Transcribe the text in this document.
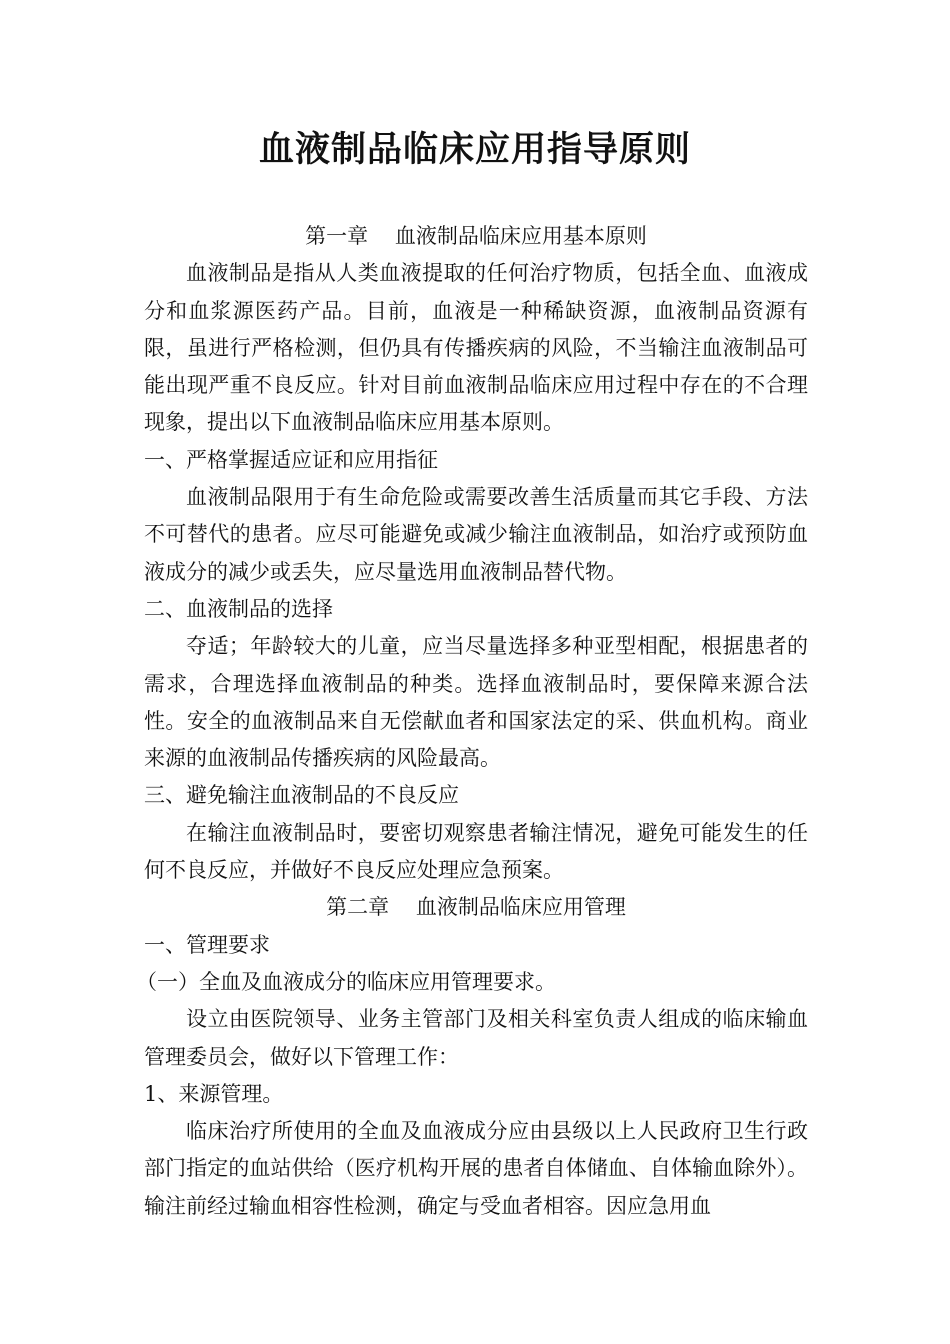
血液制品临床应用指导原则
第一章    血液制品临床应用基本原则

血液制品是指从人类血液提取的任何治疗物质，包括全血、血液成分和血浆源医药产品。目前，血液是一种稀缺资源，血液制品资源有限，虽进行严格检测，但仍具有传播疾病的风险，不当输注血液制品可能出现严重不良反应。针对目前血液制品临床应用过程中存在的不合理现象，提出以下血液制品临床应用基本原则。

一、严格掌握适应证和应用指征

血液制品限用于有生命危险或需要改善生活质量而其它手段、方法不可替代的患者。应尽可能避免或减少输注血液制品，如治疗或预防血液成分的减少或丢失，应尽量选用血液制品替代物。

二、血液制品的选择

夺适；年龄较大的儿童，应当尽量选择多种亚型相配，根据患者的需求，合理选择血液制品的种类。选择血液制品时，要保障来源合法性。安全的血液制品来自无偿献血者和国家法定的采、供血机构。商业来源的血液制品传播疾病的风险最高。

三、避免输注血液制品的不良反应

在输注血液制品时，要密切观察患者输注情况，避免可能发生的任何不良反应，并做好不良反应处理应急预案。

第二章    血液制品临床应用管理

一、管理要求

（一）全血及血液成分的临床应用管理要求。

设立由医院领导、业务主管部门及相关科室负责人组成的临床输血管理委员会，做好以下管理工作：

1、来源管理。

临床治疗所使用的全血及血液成分应由县级以上人民政府卫生行政部门指定的血站供给（医疗机构开展的患者自体储血、自体输血除外）。输注前经过输血相容性检测，确定与受血者相容。因应急用血
